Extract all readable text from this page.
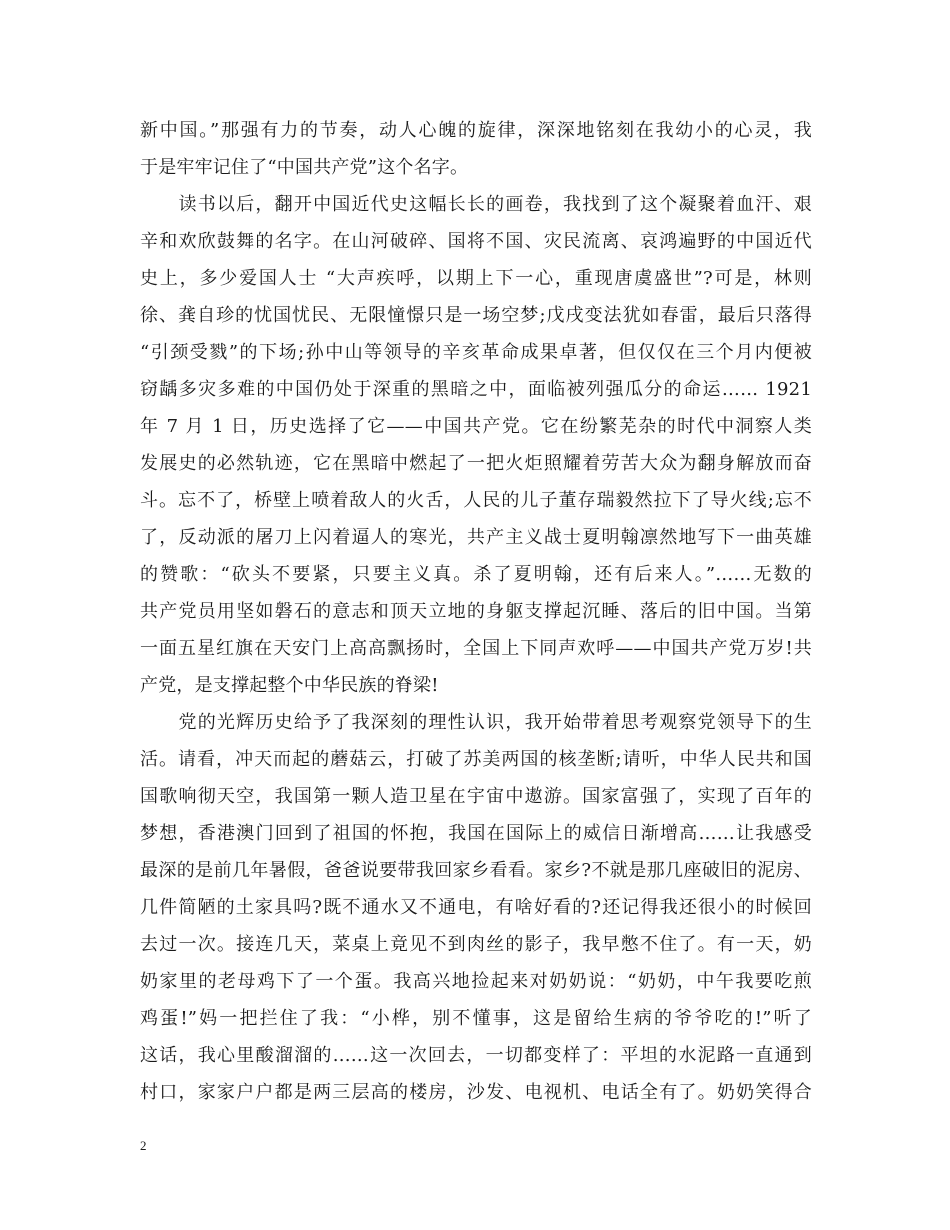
新中国。”那强有力的节奏，动人心魄的旋律，深深地铭刻在我幼小的心灵，我
于是牢牢记住了“中国共产党”这个名字。
　　读书以后，翻开中国近代史这幅长长的画卷，我找到了这个凝聚着血汗、艰
辛和欢欣鼓舞的名字。在山河破碎、国将不国、灾民流离、哀鸿遍野的中国近代
史上，多少爱国人士 “大声疾呼，以期上下一心，重现唐虞盛世”?可是，林则
徐、龚自珍的忧国忧民、无限憧憬只是一场空梦;戊戌变法犹如春雷，最后只落得
“引颈受戮”的下场;孙中山等领导的辛亥革命成果卓著，但仅仅在三个月内便被
窃龋多灾多难的中国仍处于深重的黑暗之中，面临被列强瓜分的命运…… 1921
年 7 月 1 日，历史选择了它——中国共产党。它在纷繁芜杂的时代中洞察人类
发展史的必然轨迹，它在黑暗中燃起了一把火炬照耀着劳苦大众为翻身解放而奋
斗。忘不了，桥壁上喷着敌人的火舌，人民的儿子董存瑞毅然拉下了导火线;忘不
了，反动派的屠刀上闪着逼人的寒光，共产主义战士夏明翰凛然地写下一曲英雄
的赞歌：“砍头不要紧，只要主义真。杀了夏明翰，还有后来人。”……无数的
共产党员用坚如磐石的意志和顶天立地的身躯支撑起沉睡、落后的旧中国。当第
一面五星红旗在天安门上高高飘扬时，全国上下同声欢呼——中国共产党万岁!共
产党，是支撑起整个中华民族的脊梁!
　　党的光辉历史给予了我深刻的理性认识，我开始带着思考观察党领导下的生
活。请看，冲天而起的蘑菇云，打破了苏美两国的核垄断;请听，中华人民共和国
国歌响彻天空，我国第一颗人造卫星在宇宙中遨游。国家富强了，实现了百年的
梦想，香港澳门回到了祖国的怀抱，我国在国际上的威信日渐增高……让我感受
最深的是前几年暑假，爸爸说要带我回家乡看看。家乡?不就是那几座破旧的泥房、
几件简陋的土家具吗?既不通水又不通电，有啥好看的?还记得我还很小的时候回
去过一次。接连几天，菜桌上竟见不到肉丝的影子，我早憋不住了。有一天，奶
奶家里的老母鸡下了一个蛋。我高兴地捡起来对奶奶说：“奶奶，中午我要吃煎
鸡蛋!”妈一把拦住了我：“小桦，别不懂事，这是留给生病的爷爷吃的!”听了
这话，我心里酸溜溜的……这一次回去，一切都变样了：平坦的水泥路一直通到
村口，家家户户都是两三层高的楼房，沙发、电视机、电话全有了。奶奶笑得合
2
